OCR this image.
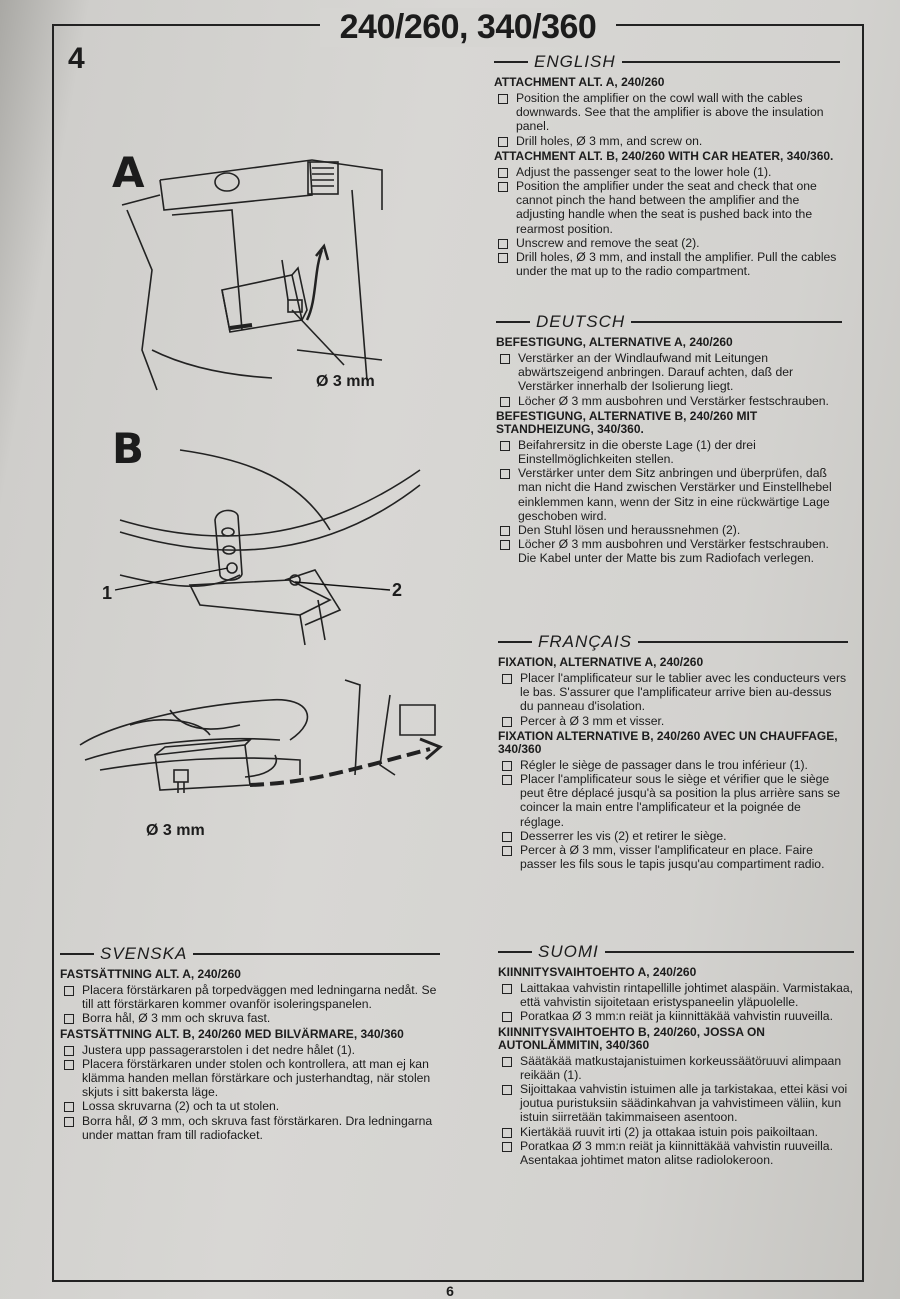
240/260, 340/360
4
A
Ø 3 mm
B
1	2
Ø 3 mm
ENGLISH
ATTACHMENT ALT. A, 240/260
Position the amplifier on the cowl wall with the cables downwards. See that the amplifier is above the insulation panel.
Drill holes, Ø 3 mm, and screw on.
ATTACHMENT ALT. B, 240/260 WITH CAR HEATER, 340/360.
Adjust the passenger seat to the lower hole (1).
Position the amplifier under the seat and check that one cannot pinch the hand between the amplifier and the adjusting handle when the seat is pushed back into the rearmost position.
Unscrew and remove the seat (2).
Drill holes, Ø 3 mm, and install the amplifier. Pull the cables under the mat up to the radio compartment.
DEUTSCH
BEFESTIGUNG, ALTERNATIVE A, 240/260
Verstärker an der Windlaufwand mit Leitungen abwärtszeigend anbringen. Darauf achten, daß der Verstärker innerhalb der Isolierung liegt.
Löcher Ø 3 mm ausbohren und Verstärker festschrauben.
BEFESTIGUNG, ALTERNATIVE B, 240/260 MIT STANDHEIZUNG, 340/360.
Beifahrersitz in die oberste Lage (1) der drei Einstellmöglichkeiten stellen.
Verstärker unter dem Sitz anbringen und überprüfen, daß man nicht die Hand zwischen Verstärker und Einstellhebel einklemmen kann, wenn der Sitz in eine rückwärtige Lage geschoben wird.
Den Stuhl lösen und heraussnehmen (2).
Löcher Ø 3 mm ausbohren und Verstärker festschrauben. Die Kabel unter der Matte bis zum Radiofach verlegen.
FRANÇAIS
FIXATION, ALTERNATIVE A, 240/260
Placer l'amplificateur sur le tablier avec les conducteurs vers le bas. S'assurer que l'amplificateur arrive bien au-dessus du panneau d'isolation.
Percer à Ø 3 mm et visser.
FIXATION ALTERNATIVE B, 240/260 AVEC UN CHAUFFAGE, 340/360
Régler le siège de passager dans le trou inférieur (1).
Placer l'amplificateur sous le siège et vérifier que le siège peut être déplacé jusqu'à sa position la plus arrière sans se coincer la main entre l'amplificateur et la poignée de réglage.
Desserrer les vis (2) et retirer le siège.
Percer à Ø 3 mm, visser l'amplificateur en place. Faire passer les fils sous le tapis jusqu'au compartiment radio.
SVENSKA
FASTSÄTTNING ALT. A, 240/260
Placera förstärkaren på torpedväggen med ledningarna nedåt. Se till att förstärkaren kommer ovanför isoleringspanelen.
Borra hål, Ø 3 mm och skruva fast.
FASTSÄTTNING ALT. B, 240/260 MED BILVÄRMARE, 340/360
Justera upp passagerarstolen i det nedre hålet (1).
Placera förstärkaren under stolen och kontrollera, att man ej kan klämma handen mellan förstärkare och justerhandtag, när stolen skjuts i sitt bakersta läge.
Lossa skruvarna (2) och ta ut stolen.
Borra hål, Ø 3 mm, och skruva fast förstärkaren. Dra ledningarna under mattan fram till radiofacket.
SUOMI
KIINNITYSVAIHTOEHTO A, 240/260
Laittakaa vahvistin rintapellille johtimet alaspäin. Varmistakaa, että vahvistin sijoitetaan eristyspaneelin yläpuolelle.
Poratkaa Ø 3 mm:n reiät ja kiinnittäkää vahvistin ruuveilla.
KIINNITYSVAIHTOEHTO B, 240/260, JOSSA ON AUTONLÄMMITIN, 340/360
Säätäkää matkustajanistuimen korkeussäätöruuvi alimpaan reikään (1).
Sijoittakaa vahvistin istuimen alle ja tarkistakaa, ettei käsi voi joutua puristuksiin säädinkahvan ja vahvistimeen väliin, kun istuin siirretään takimmaiseen asentoon.
Kiertäkää ruuvit irti (2) ja ottakaa istuin pois paikoiltaan.
Poratkaa Ø 3 mm:n reiät ja kiinnittäkää vahvistin ruuveilla. Asentakaa johtimet maton alitse radiolokeroon.
6
